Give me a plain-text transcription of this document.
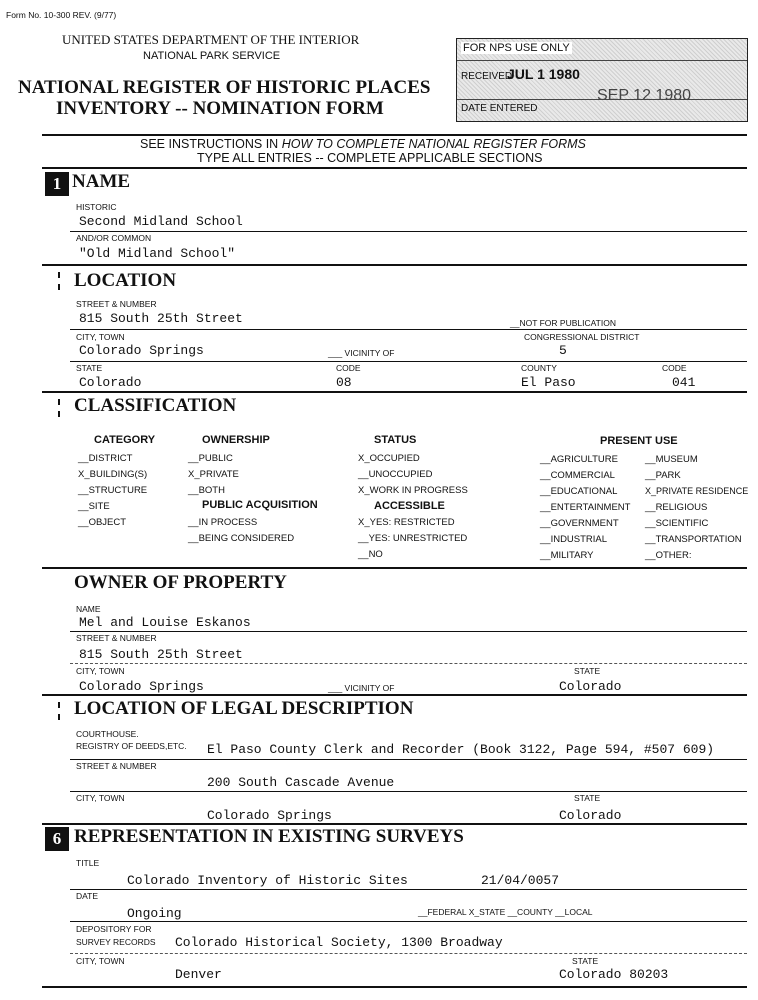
Form No. 10-300 REV. (9/77)
UNITED STATES DEPARTMENT OF THE INTERIOR
NATIONAL PARK SERVICE
NATIONAL REGISTER OF HISTORIC PLACES
INVENTORY -- NOMINATION FORM
FOR NPS USE ONLY
RECEIVED
JUL 1 1980
DATE ENTERED
SEP 12 1980
SEE INSTRUCTIONS IN HOW TO COMPLETE NATIONAL REGISTER FORMS
TYPE ALL ENTRIES -- COMPLETE APPLICABLE SECTIONS
1 NAME
HISTORIC
Second Midland School
AND/OR COMMON
"Old Midland School"
LOCATION
STREET & NUMBER
815 South 25th Street	__NOT FOR PUBLICATION
CITY, TOWN	CONGRESSIONAL DISTRICT
Colorado Springs	___ VICINITY OF	5
STATE	CODE	COUNTY	CODE
Colorado	08	El Paso	041
CLASSIFICATION
CATEGORY
__DISTRICT
X_BUILDING(S)
__STRUCTURE
__SITE
__OBJECT
OWNERSHIP
__PUBLIC
X_PRIVATE
__BOTH
PUBLIC ACQUISITION
__IN PROCESS
__BEING CONSIDERED
STATUS
X_OCCUPIED
__UNOCCUPIED
X_WORK IN PROGRESS
ACCESSIBLE
X_YES: RESTRICTED
__YES: UNRESTRICTED
__NO
PRESENT USE
__AGRICULTURE
__COMMERCIAL
__EDUCATIONAL
__ENTERTAINMENT
__GOVERNMENT
__INDUSTRIAL
__MILITARY
__MUSEUM
__PARK
X_PRIVATE RESIDENCE
__RELIGIOUS
__SCIENTIFIC
__TRANSPORTATION
__OTHER:
OWNER OF PROPERTY
NAME
Mel and Louise Eskanos
STREET & NUMBER
815 South 25th Street
CITY, TOWN	STATE
Colorado Springs	___ VICINITY OF	Colorado
LOCATION OF LEGAL DESCRIPTION
COURTHOUSE.
REGISTRY OF DEEDS,ETC. El Paso County Clerk and Recorder (Book 3122, Page 594, #507 609)
STREET & NUMBER
200 South Cascade Avenue
CITY, TOWN	STATE
Colorado Springs	Colorado
6 REPRESENTATION IN EXISTING SURVEYS
TITLE
Colorado Inventory of Historic Sites	21/04/0057
DATE
Ongoing	__FEDERAL X_STATE __COUNTY __LOCAL
DEPOSITORY FOR
SURVEY RECORDS Colorado Historical Society, 1300 Broadway
CITY, TOWN	STATE
Denver	Colorado 80203
